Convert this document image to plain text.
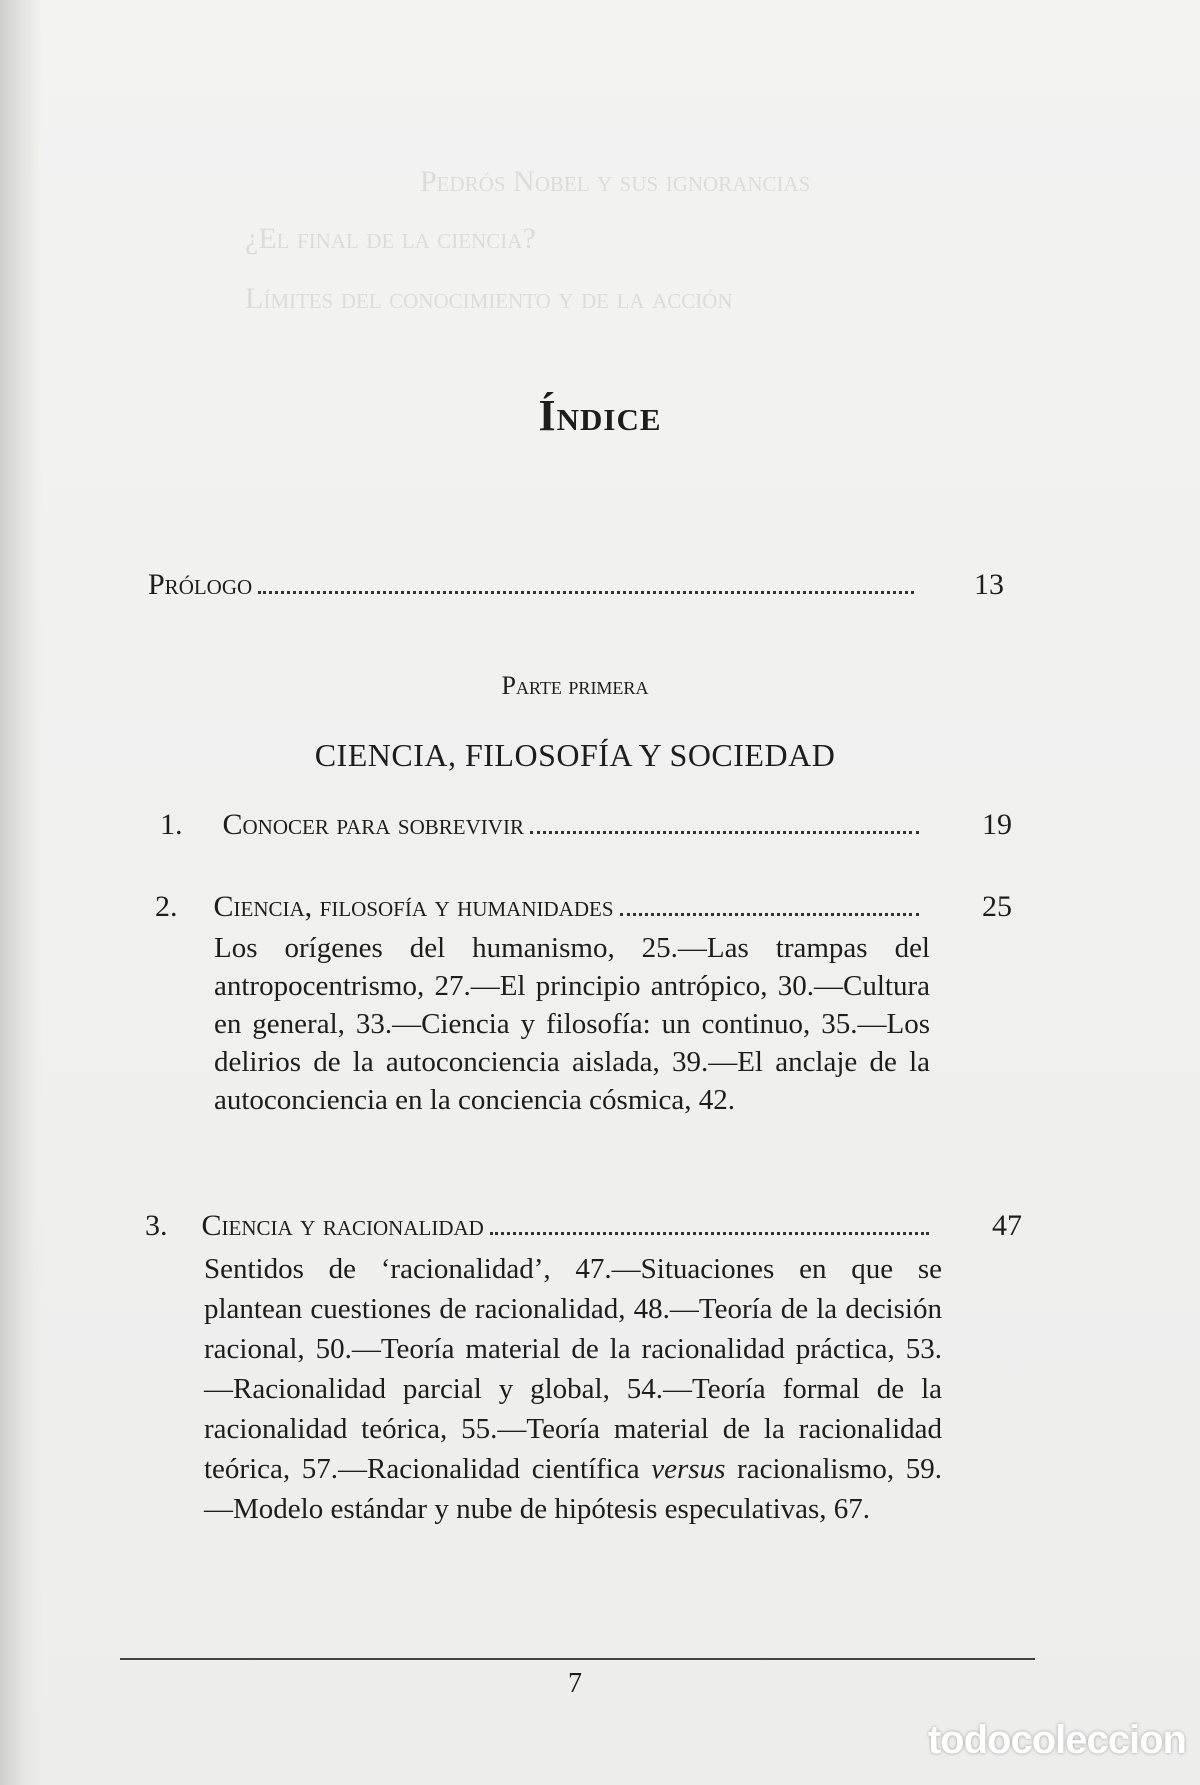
Pedrós Nobel y sus ignorancias
¿El final de la ciencia?
Límites del conocimiento y de la acción
Índice
Prólogo	13
Parte primera
CIENCIA, FILOSOFÍA Y SOCIEDAD
1. Conocer para sobrevivir	19
2. Ciencia, filosofía y humanidades	25
Los orígenes del humanismo, 25.—Las trampas del antropocentrismo, 27.—El principio antrópico, 30.—Cultura en general, 33.—Ciencia y filosofía: un continuo, 35.—Los delirios de la autoconciencia aislada, 39.—El anclaje de la autoconciencia en la conciencia cósmica, 42.
3. Ciencia y racionalidad	47
Sentidos de ‘racionalidad’, 47.—Situaciones en que se plantean cuestiones de racionalidad, 48.—Teoría de la decisión racional, 50.—Teoría material de la racionalidad práctica, 53.—Racionalidad parcial y global, 54.—Teoría formal de la racionalidad teórica, 55.—Teoría material de la racionalidad teórica, 57.—Racionalidad científica versus racionalismo, 59.—Modelo estándar y nube de hipótesis especulativas, 67.
7
todocoleccion
